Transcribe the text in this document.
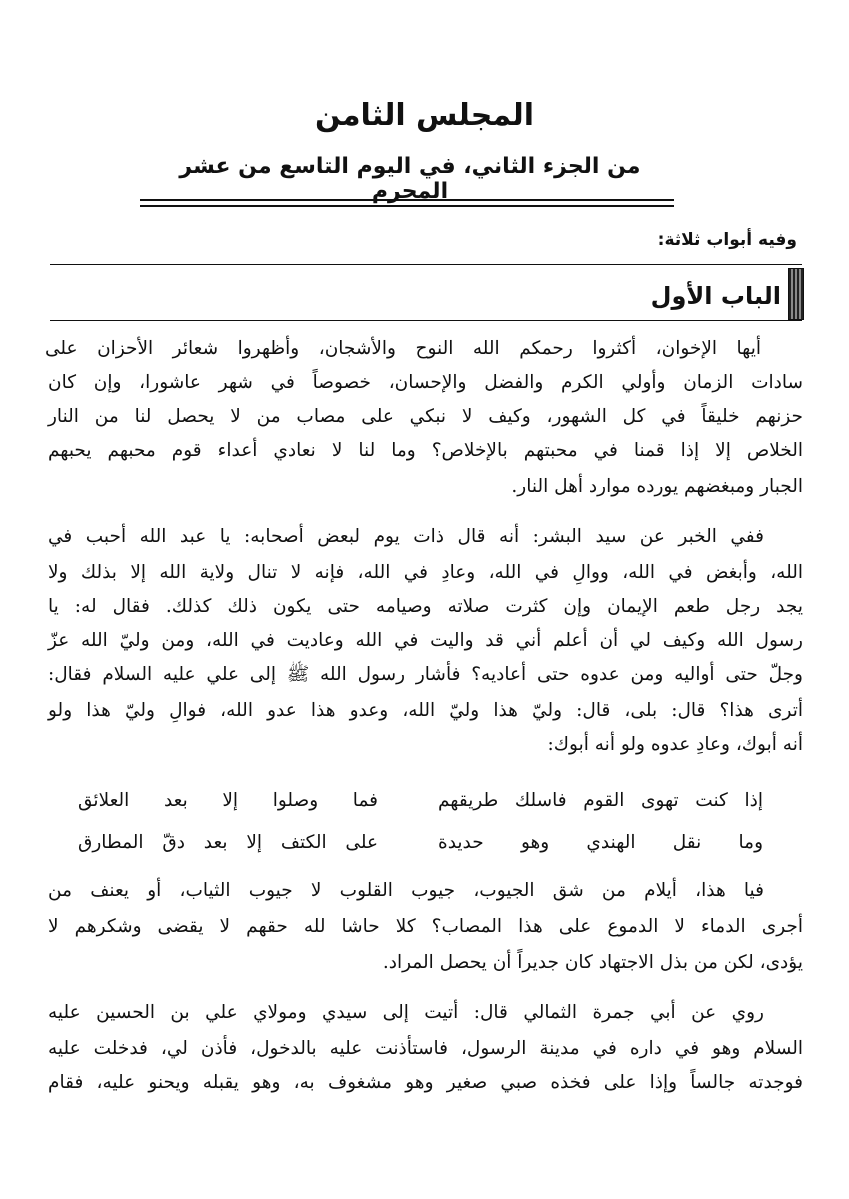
المجلس الثامن
من الجزء الثاني، في اليوم التاسع من عشر المحرم
وفيه أبواب ثلاثة:
الباب الأول
أيها الإخوان، أكثروا رحمكم الله النوح والأشجان، وأظهروا شعائر الأحزان على
سادات الزمان وأولي الكرم والفضل والإحسان، خصوصاً في شهر عاشورا، وإن كان
حزنهم خليقاً في كل الشهور، وكيف لا نبكي على مصاب من لا يحصل لنا من النار
الخلاص إلا إذا قمنا في محبتهم بالإخلاص؟ وما لنا لا نعادي أعداء قوم محبهم يحبهم
الجبار ومبغضهم يورده موارد أهل النار.
ففي الخبر عن سيد البشر: أنه قال ذات يوم لبعض أصحابه: يا عبد الله أحبب في
الله، وأبغض في الله، ووالِ في الله، وعادِ في الله، فإنه لا تنال ولاية الله إلا بذلك ولا
يجد رجل طعم الإيمان وإن كثرت صلاته وصيامه حتى يكون ذلك كذلك. فقال له: يا
رسول الله وكيف لي أن أعلم أني قد واليت في الله وعاديت في الله، ومن وليّ الله عزّ
وجلّ حتى أواليه ومن عدوه حتى أعاديه؟ فأشار رسول الله ﷺ إلى علي عليه السلام فقال:
أترى هذا؟ قال: بلى، قال: وليّ هذا وليّ الله، وعدو هذا عدو الله، فوالِ وليّ هذا ولو
أنه أبوك، وعادِ عدوه ولو أنه أبوك:
إذا كنت تهوى القوم فاسلك طريقهم
فما وصلوا إلا بعد العلائق
وما نقل الهندي وهو حديدة
على الكتف إلا بعد دقّ المطارق
فيا هذا، أيلام من شق الجيوب، جيوب القلوب لا جيوب الثياب، أو يعنف من
أجرى الدماء لا الدموع على هذا المصاب؟ كلا حاشا لله حقهم لا يقضى وشكرهم لا
يؤدى، لكن من بذل الاجتهاد كان جديراً أن يحصل المراد.
روي عن أبي جمرة الثمالي قال: أتيت إلى سيدي ومولاي علي بن الحسين عليه
السلام وهو في داره في مدينة الرسول، فاستأذنت عليه بالدخول، فأذن لي، فدخلت عليه
فوجدته جالساً وإذا على فخذه صبي صغير وهو مشغوف به، وهو يقبله ويحنو عليه، فقام
